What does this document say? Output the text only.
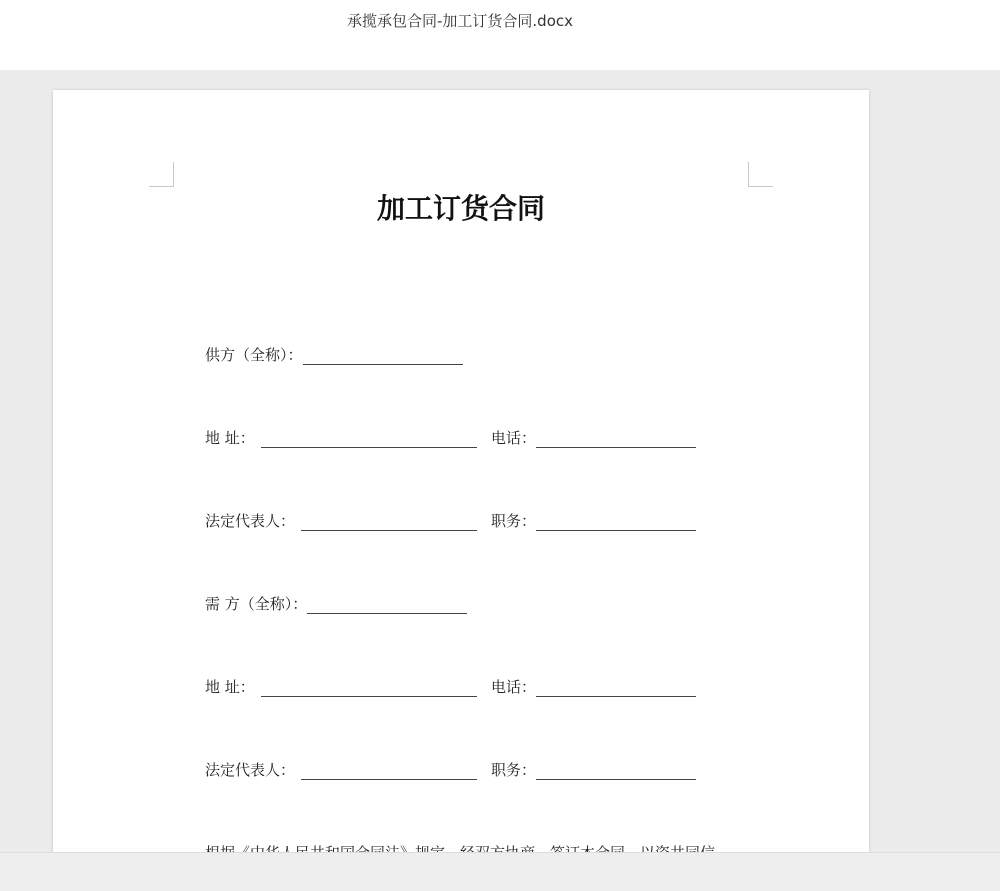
承揽承包合同-加工订货合同.docx
加工订货合同
供方（全称）：
地 址：	电话：
法定代表人：	职务：
需 方（全称）：
地 址：	电话：
法定代表人：	职务：
